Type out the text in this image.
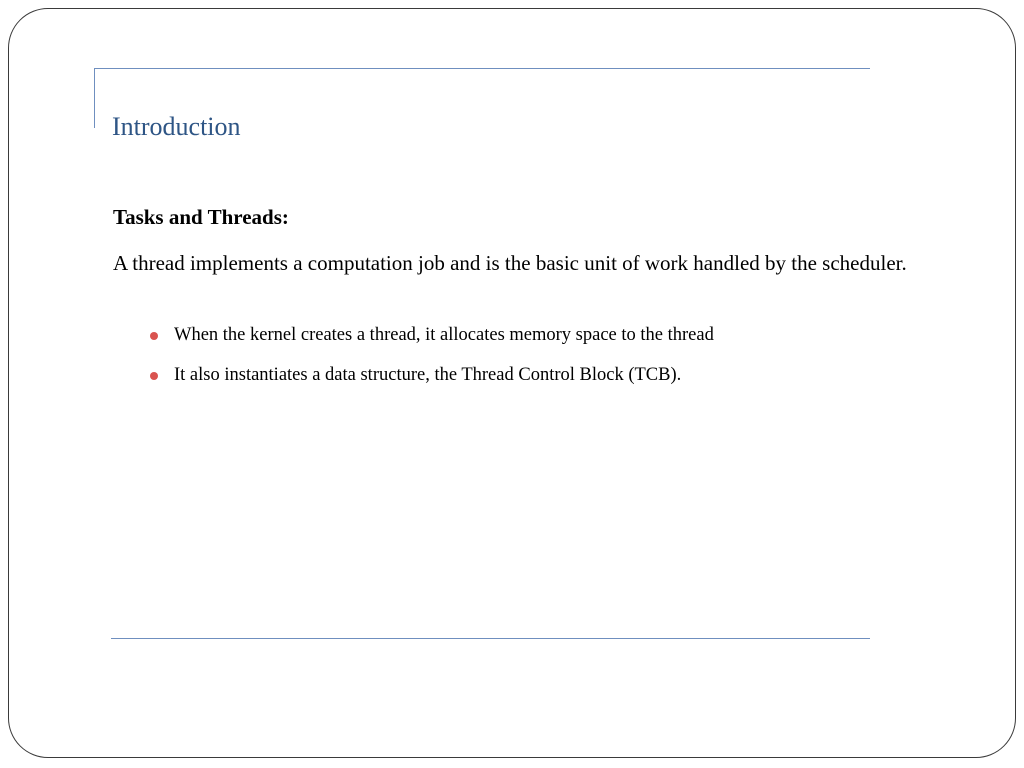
Introduction
Tasks and Threads:

A thread implements a computation job and is the basic unit of work handled by the scheduler.

When the kernel creates a thread, it allocates memory space to the thread
It also instantiates a data structure, the Thread Control Block (TCB).
